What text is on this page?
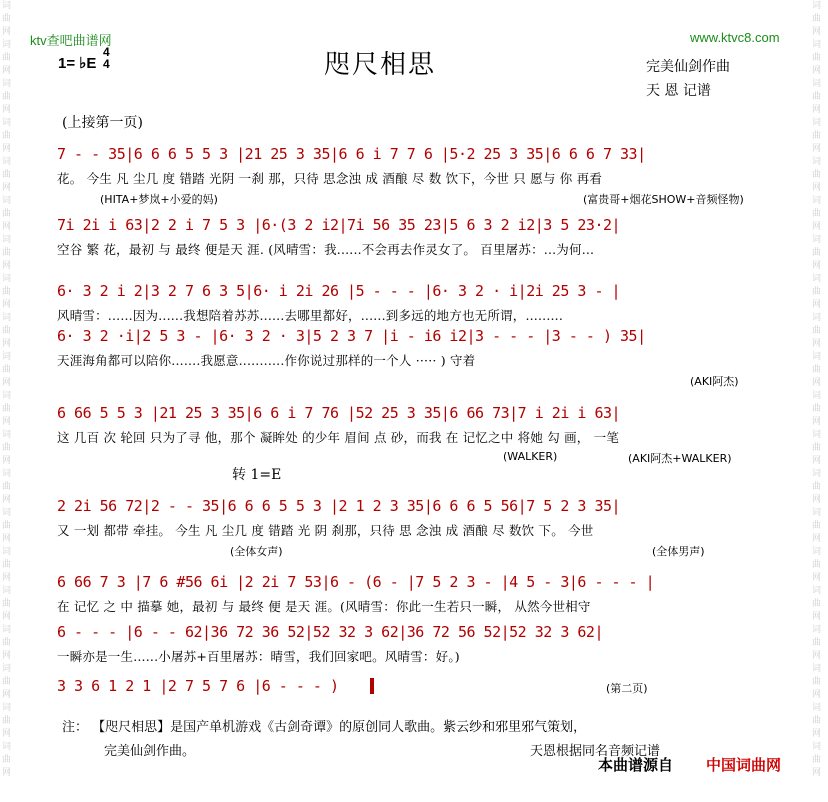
词曲网词曲网词曲网词曲网词曲网词曲网词曲网词曲网词曲网词曲网词曲网词曲网词曲网词曲网词曲网词曲网词曲网词曲网词曲网词曲网
词曲网词曲网词曲网词曲网词曲网词曲网词曲网词曲网词曲网词曲网词曲网词曲网词曲网词曲网词曲网词曲网词曲网词曲网词曲网词曲网
ktv查吧曲谱网	www.ktvc8.com
咫尺相思
1= ♭E
4
4	完美仙剑作曲
天 恩 记谱
(上接第一页)
7 - - 35|6 6 6 5 5 3 |21 25 3 35|6 6 i 7 7 6 |5·2 25 3 35|6 6 6 7 33|
花。 今生 凡 尘几 度 错踏 光阴 一刹 那，只待 思念浊 成 酒酿 尽 数 饮下，今世 只 愿与 你 再看
(HITA+梦岚+小爱的妈)	(富贵哥+烟花SHOW+音频怪物)
7i 2i i 63|2 2 i 7 5 3 |6·(3 2 i2|7i 56 35 23|5 6 3 2 i2|3 5 23·2|
空谷 繁 花，最初 与 最终 便是天 涯. (风晴雪：我......不会再去作灵女了。 百里屠苏：...为何...
6· 3 2 i 2|3 2 7 6 3 5|6· i 2i 26 |5 - - - |6· 3 2 · i|2i 25 3 - |
风晴雪：......因为......我想陪着苏苏......去哪里都好，......到多远的地方也无所谓，.........
6· 3 2 ·i|2 5 3 - |6· 3 2 · 3|5 2 3 7 |i - i6 i2|3 - - - |3 - - ) 35|
天涯海角都可以陪你.......我愿意...........作你说过那样的一个人 ····· ) 守着
(AKI阿杰)
6 66 5 5 3 |21 25 3 35|6 6 i 7 76 |52 25 3 35|6 66 73|7 i 2i i 63|
这 几百 次 轮回 只为了寻 他，那个 凝眸处 的少年 眉间 点 砂，而我 在 记忆之中 将她 勾 画， 一笔
(WALKER)	(AKI阿杰+WALKER)
转 1=E
2 2i 56 72|2 - - 35|6 6 6 5 5 3 |2 1 2 3 35|6 6 6 5 56|7 5 2 3 35|
又 一划 都带 牵挂。 今生 凡 尘几 度 错踏 光 阴 刹那，只待 思 念浊 成 酒酿 尽 数饮 下。 今世
(全体女声)	(全体男声)
6 66 7 3 |7 6 #56 6i |2 2i 7 53|6 - (6 - |7 5 2 3 - |4 5 - 3|6 - - - |
在 记忆 之 中 描摹 她，最初 与 最终 便 是天 涯。(风晴雪：你此一生若只一瞬， 从然今世相守
6 - - - |6 - - 62|36 72 36 52|52 32 3 62|36 72 56 52|52 32 3 62|
一瞬亦是一生......小屠苏+百里屠苏：晴雪，我们回家吧。风晴雪：好。)
3 3 6 1 2 1 |2 7 5 7 6 |6 - - - )	(第二页)
注： 【咫尺相思】是国产单机游戏《古剑奇谭》的原创同人歌曲。紫云纱和邪里邪气策划，
完美仙剑作曲。	天恩根据同名音频记谱
本曲谱源自 中国词曲网
